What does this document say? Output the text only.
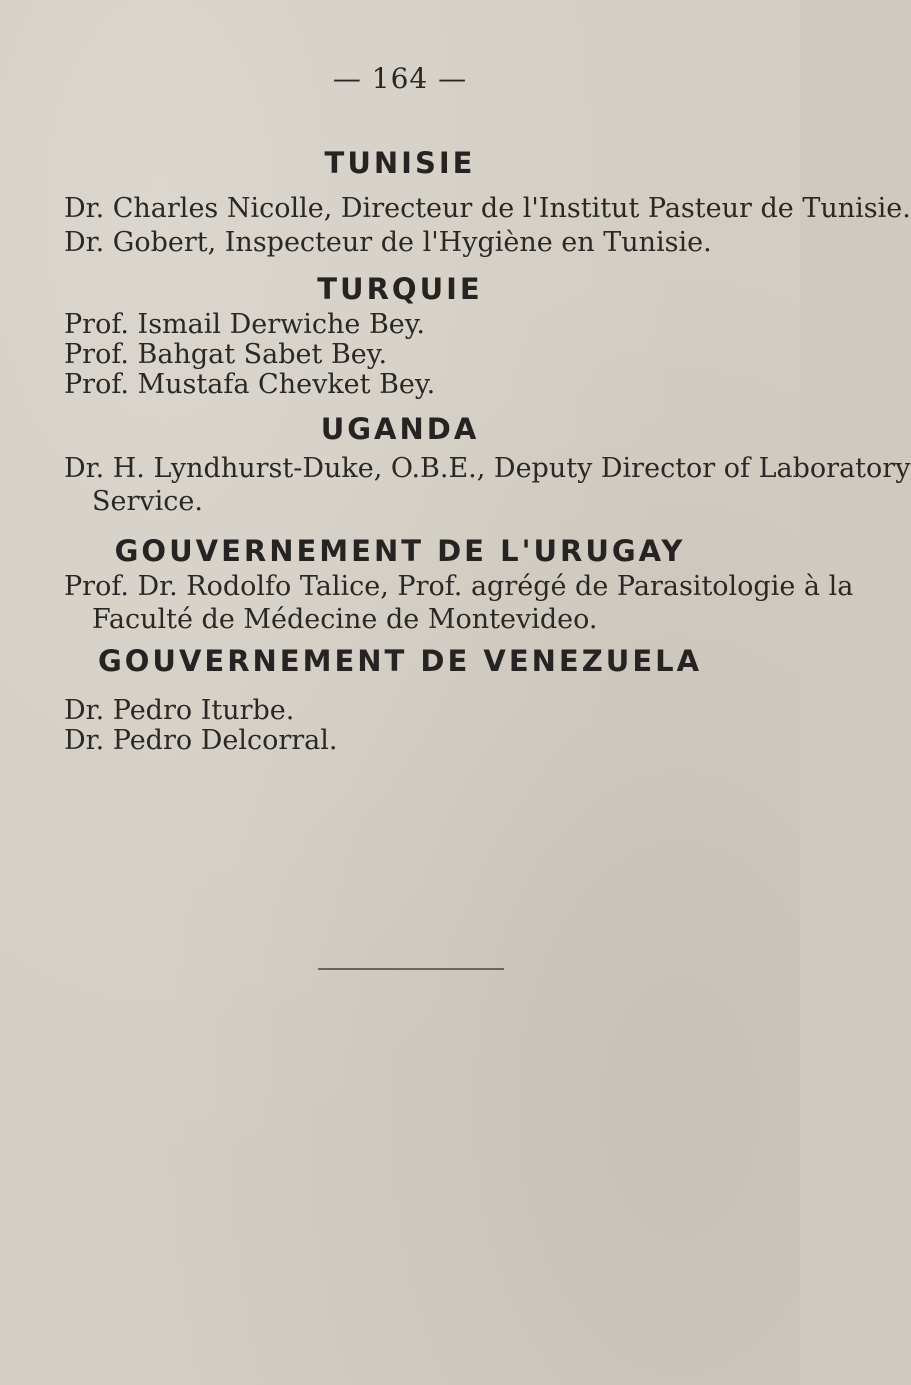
— 164 —
TUNISIE
Dr. Charles Nicolle, Directeur de l'Institut Pasteur de Tunisie.
Dr. Gobert, Inspecteur de l'Hygiène en Tunisie.
TURQUIE
Prof. Ismail Derwiche Bey.
Prof. Bahgat Sabet Bey.
Prof. Mustafa Chevket Bey.
UGANDA
Dr. H. Lyndhurst-Duke, O.B.E., Deputy Director of Laboratory
Service.
GOUVERNEMENT DE L'URUGAY
Prof. Dr. Rodolfo Talice, Prof. agrégé de Parasitologie à la
Faculté de Médecine de Montevideo.
GOUVERNEMENT DE VENEZUELA
Dr. Pedro Iturbe.
Dr. Pedro Delcorral.
